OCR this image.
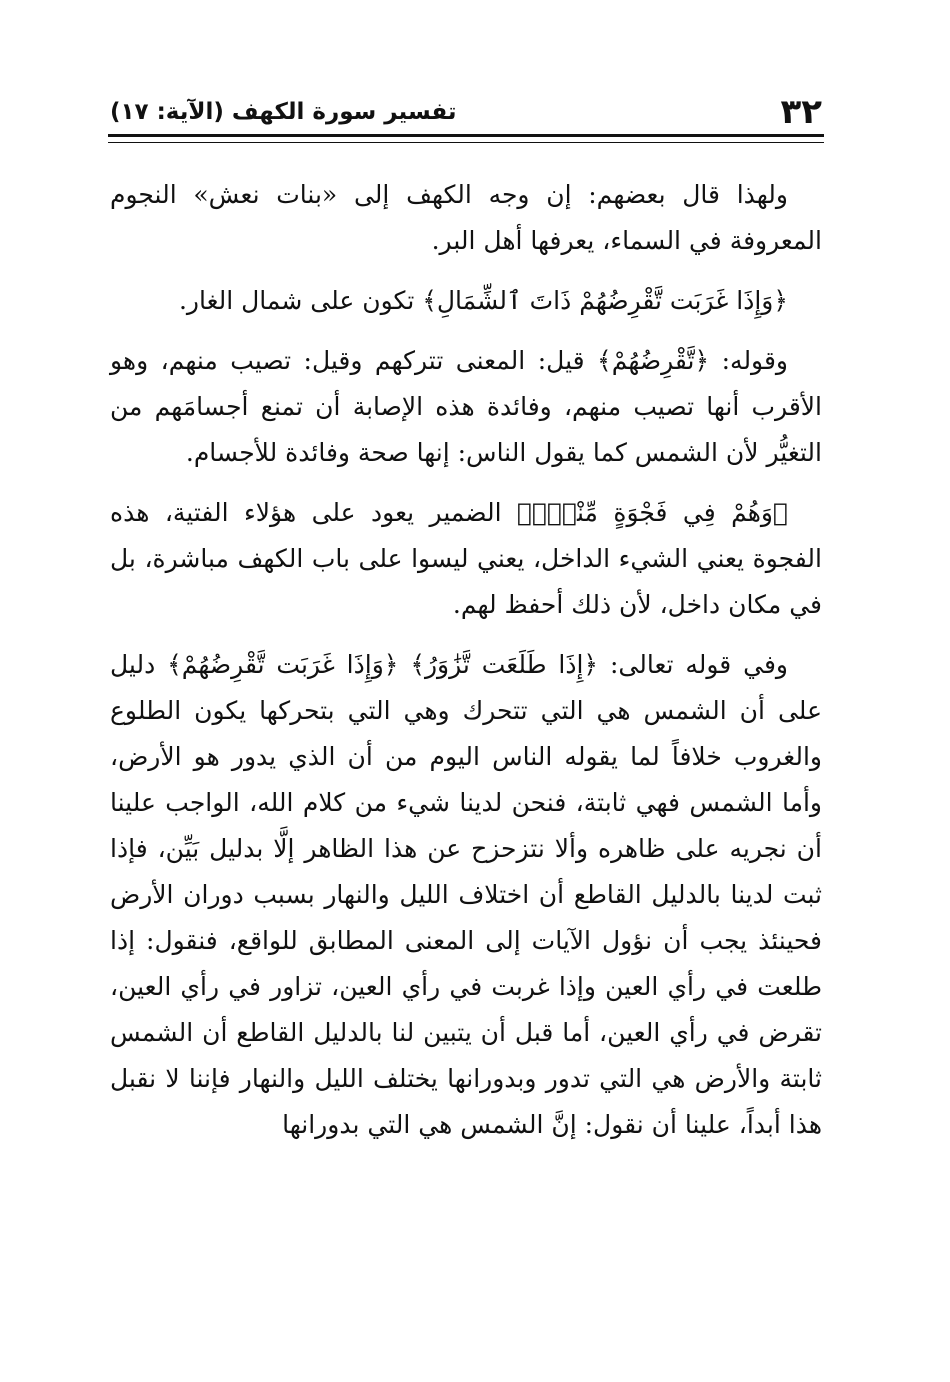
٣٢
تفسير سورة الكهف (الآية: ١٧)

ولهذا قال بعضهم: إن وجه الكهف إلى «بنات نعش» النجوم المعروفة في السماء، يعرفها أهل البر.

﴿وَإِذَا غَرَبَت تَّقْرِضُهُمْ ذَاتَ ٱلشِّمَالِ﴾ تكون على شمال الغار.

وقوله: ﴿تَّقْرِضُهُمْ﴾ قيل: المعنى تتركهم وقيل: تصيب منهم، وهو الأقرب أنها تصيب منهم، وفائدة هذه الإصابة أن تمنع أجسامَهم من التغيُّر لأن الشمس كما يقول الناس: إنها صحة وفائدة للأجسام.

﴿وَهُمْ فِي فَجْوَةٍ مِّنْهُۚ﴾ الضمير يعود على هؤلاء الفتية، هذه الفجوة يعني الشيء الداخل، يعني ليسوا على باب الكهف مباشرة، بل في مكان داخل، لأن ذلك أحفظ لهم.

وفي قوله تعالى: ﴿إِذَا طَلَعَت تَّزَٰوَرُ﴾ ﴿وَإِذَا غَرَبَت تَّقْرِضُهُمْ﴾ دليل على أن الشمس هي التي تتحرك وهي التي بتحركها يكون الطلوع والغروب خلافاً لما يقوله الناس اليوم من أن الذي يدور هو الأرض، وأما الشمس فهي ثابتة، فنحن لدينا شيء من كلام الله، الواجب علينا أن نجريه على ظاهره وألا نتزحزح عن هذا الظاهر إلَّا بدليل بَيِّن، فإذا ثبت لدينا بالدليل القاطع أن اختلاف الليل والنهار بسبب دوران الأرض فحينئذ يجب أن نؤول الآيات إلى المعنى المطابق للواقع، فنقول: إذا طلعت في رأي العين وإذا غربت في رأي العين، تزاور في رأي العين، تقرض في رأي العين، أما قبل أن يتبين لنا بالدليل القاطع أن الشمس ثابتة والأرض هي التي تدور وبدورانها يختلف الليل والنهار فإننا لا نقبل هذا أبداً، علينا أن نقول: إنَّ الشمس هي التي بدورانها
